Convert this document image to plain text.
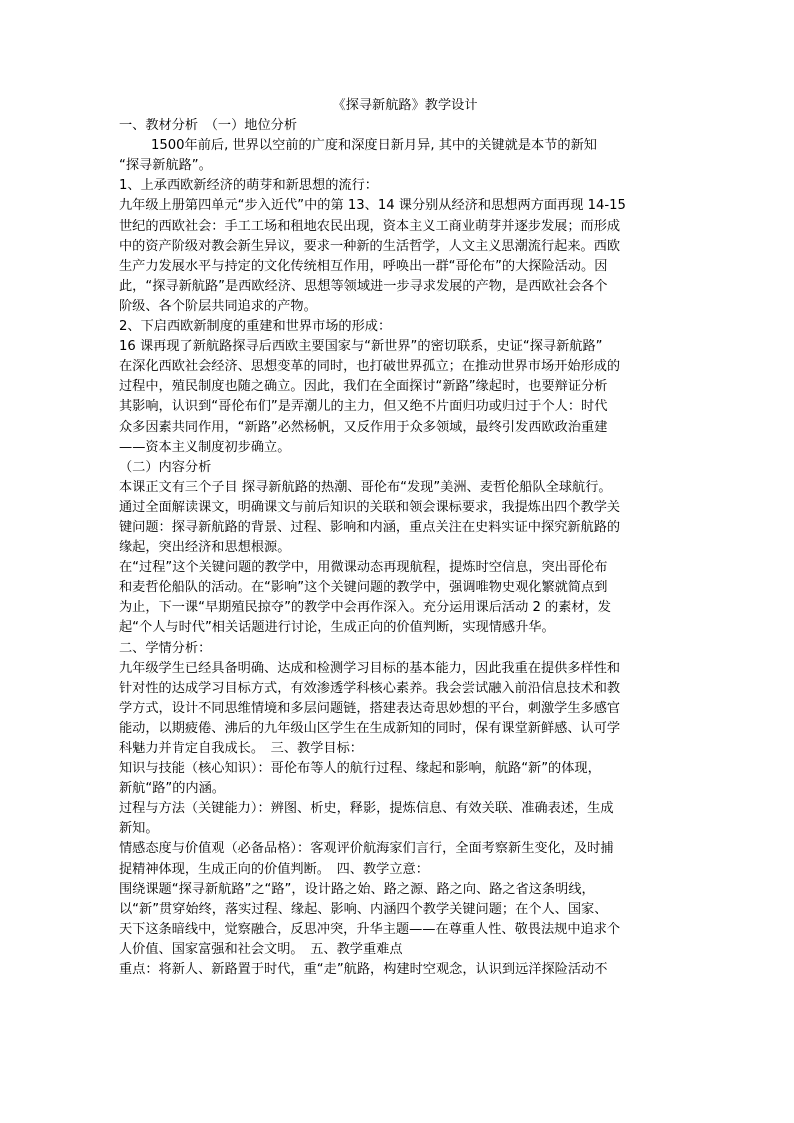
《探寻新航路》教学设计
一、教材分析　（一）地位分析
1500年前后, 世界以空前的广度和深度日新月异, 其中的关键就是本节的新知
“探寻新航路”。
1、上承西欧新经济的萌芽和新思想的流行：
九年级上册第四单元“步入近代”中的第 13、14 课分别从经济和思想两方面再现 14-15
世纪的西欧社会：手工工场和租地农民出现，资本主义工商业萌芽并逐步发展；而形成
中的资产阶级对教会新生异议，要求一种新的生活哲学，人文主义思潮流行起来。西欧
生产力发展水平与持定的文化传统相互作用，呼唤出一群“哥伦布”的大探险活动。因
此，“探寻新航路”是西欧经济、思想等领域进一步寻求发展的产物，是西欧社会各个
阶级、各个阶层共同追求的产物。
2、下启西欧新制度的重建和世界市场的形成：
16 课再现了新航路探寻后西欧主要国家与“新世界”的密切联系，史证“探寻新航路”
在深化西欧社会经济、思想变革的同时，也打破世界孤立；在推动世界市场开始形成的
过程中，殖民制度也随之确立。因此，我们在全面探讨“新路”缘起时，也要辩证分析
其影响，认识到“哥伦布们”是弄潮儿的主力，但又绝不片面归功或归过于个人：时代
众多因素共同作用，“新路”必然杨帆，又反作用于众多领域，最终引发西欧政治重建
——资本主义制度初步确立。
（二）内容分析
本课正文有三个子目 探寻新航路的热潮、哥伦布“发现”美洲、麦哲伦船队全球航行。
通过全面解读课文，明确课文与前后知识的关联和领会课标要求，我提炼出四个教学关
键问题：探寻新航路的背景、过程、影响和内涵，重点关注在史料实证中探究新航路的
缘起，突出经济和思想根源。
在“过程”这个关键问题的教学中，用微课动态再现航程，提炼时空信息，突出哥伦布
和麦哲伦船队的活动。在“影响”这个关键问题的教学中，强调唯物史观化繁就简点到
为止，下一课“早期殖民掠夺”的教学中会再作深入。充分运用课后活动 2 的素材，发
起“个人与时代”相关话题进行讨论，生成正向的价值判断，实现情感升华。
二、学情分析：
九年级学生已经具备明确、达成和检测学习目标的基本能力，因此我重在提供多样性和
针对性的达成学习目标方式，有效渗透学科核心素养。我会尝试融入前沿信息技术和教
学方式，设计不同思维情境和多层问题链，搭建表达奇思妙想的平台，刺激学生多感官
能动，以期疲倦、沸后的九年级山区学生在生成新知的同时，保有课堂新鲜感、认可学
科魅力并肯定自我成长。　三、教学目标：
知识与技能（核心知识）：哥伦布等人的航行过程、缘起和影响，航路“新”的体现，
新航“路”的内涵。
过程与方法（关键能力）：辨图、析史，释影，提炼信息、有效关联、准确表述，生成
新知。
情感态度与价值观（必备品格）：客观评价航海家们言行，全面考察新生变化，及时捕
捉精神体现，生成正向的价值判断。　四、教学立意：
围绕课题“探寻新航路”之“路”，设计路之始、路之源、路之向、路之省这条明线，
以“新”贯穿始终，落实过程、缘起、影响、内涵四个教学关键问题；在个人、国家、
天下这条暗线中，觉察融合，反思冲突，升华主题——在尊重人性、敬畏法规中追求个
人价值、国家富强和社会文明。　五、教学重难点
重点：将新人、新路置于时代，重“走”航路，构建时空观念，认识到远洋探险活动不
